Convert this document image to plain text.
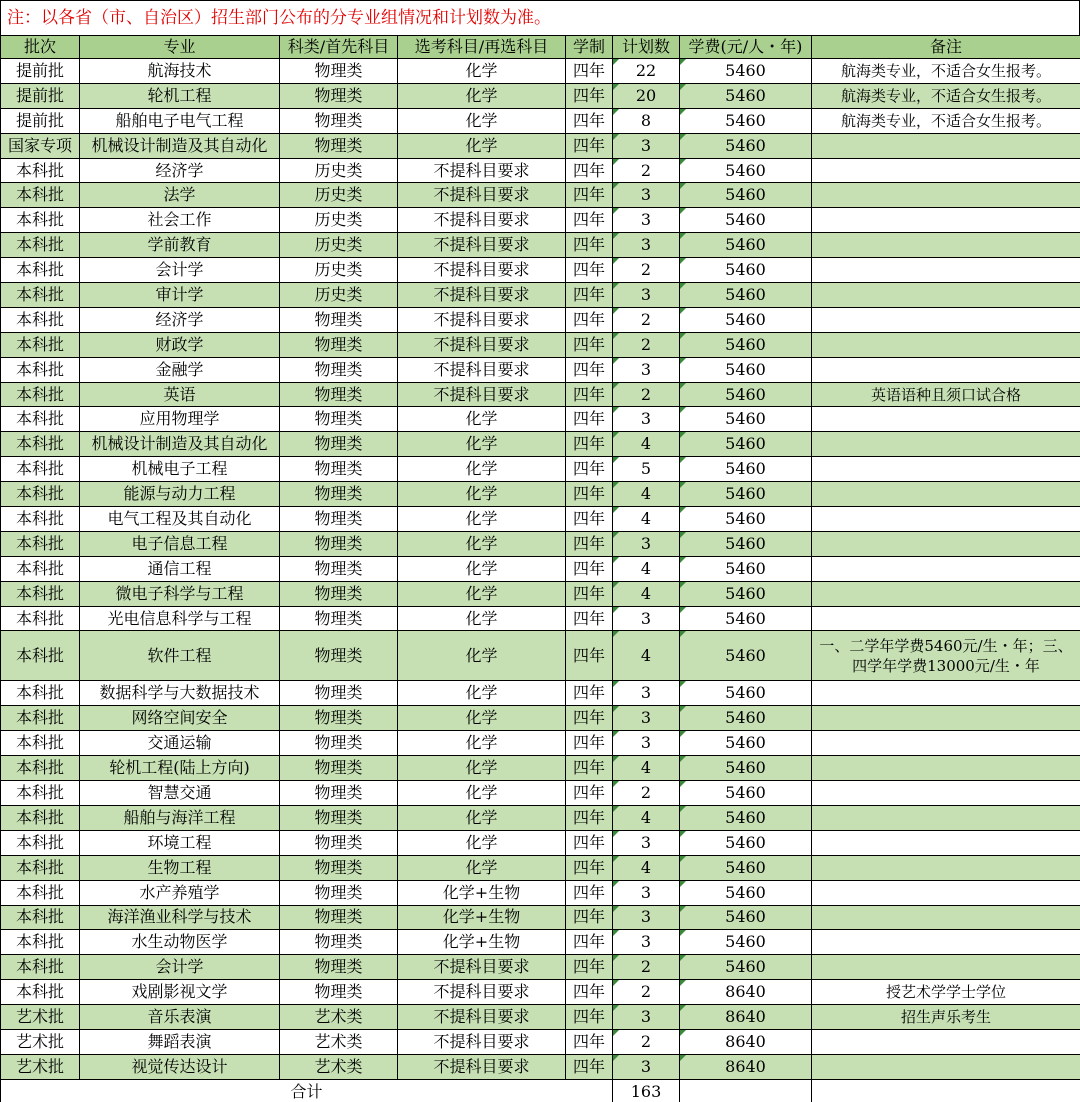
注：以各省（市、自治区）招生部门公布的分专业组情况和计划数为准。
批次	专业	科类/首先科目	选考科目/再选科目	学制	计划数	学费(元/人・年)	备注
提前批	航海技术	物理类	化学	四年	22	5460	航海类专业，不适合女生报考。
提前批	轮机工程	物理类	化学	四年	20	5460	航海类专业，不适合女生报考。
提前批	船舶电子电气工程	物理类	化学	四年	8	5460	航海类专业，不适合女生报考。
国家专项	机械设计制造及其自动化	物理类	化学	四年	3	5460	
本科批	经济学	历史类	不提科目要求	四年	2	5460	
本科批	法学	历史类	不提科目要求	四年	3	5460	
本科批	社会工作	历史类	不提科目要求	四年	3	5460	
本科批	学前教育	历史类	不提科目要求	四年	3	5460	
本科批	会计学	历史类	不提科目要求	四年	2	5460	
本科批	审计学	历史类	不提科目要求	四年	3	5460	
本科批	经济学	物理类	不提科目要求	四年	2	5460	
本科批	财政学	物理类	不提科目要求	四年	2	5460	
本科批	金融学	物理类	不提科目要求	四年	3	5460	
本科批	英语	物理类	不提科目要求	四年	2	5460	英语语种且须口试合格
本科批	应用物理学	物理类	化学	四年	3	5460	
本科批	机械设计制造及其自动化	物理类	化学	四年	4	5460	
本科批	机械电子工程	物理类	化学	四年	5	5460	
本科批	能源与动力工程	物理类	化学	四年	4	5460	
本科批	电气工程及其自动化	物理类	化学	四年	4	5460	
本科批	电子信息工程	物理类	化学	四年	3	5460	
本科批	通信工程	物理类	化学	四年	4	5460	
本科批	微电子科学与工程	物理类	化学	四年	4	5460	
本科批	光电信息科学与工程	物理类	化学	四年	3	5460	
本科批	软件工程	物理类	化学	四年	4	5460	一、二学年学费5460元/生・年；三、四学年学费13000元/生・年
本科批	数据科学与大数据技术	物理类	化学	四年	3	5460	
本科批	网络空间安全	物理类	化学	四年	3	5460	
本科批	交通运输	物理类	化学	四年	3	5460	
本科批	轮机工程(陆上方向)	物理类	化学	四年	4	5460	
本科批	智慧交通	物理类	化学	四年	2	5460	
本科批	船舶与海洋工程	物理类	化学	四年	4	5460	
本科批	环境工程	物理类	化学	四年	3	5460	
本科批	生物工程	物理类	化学	四年	4	5460	
本科批	水产养殖学	物理类	化学+生物	四年	3	5460	
本科批	海洋渔业科学与技术	物理类	化学+生物	四年	3	5460	
本科批	水生动物医学	物理类	化学+生物	四年	3	5460	
本科批	会计学	物理类	不提科目要求	四年	2	5460	
本科批	戏剧影视文学	物理类	不提科目要求	四年	2	8640	授艺术学学士学位
艺术批	音乐表演	艺术类	不提科目要求	四年	3	8640	招生声乐考生
艺术批	舞蹈表演	艺术类	不提科目要求	四年	2	8640	
艺术批	视觉传达设计	艺术类	不提科目要求	四年	3	8640	
合计					163		
